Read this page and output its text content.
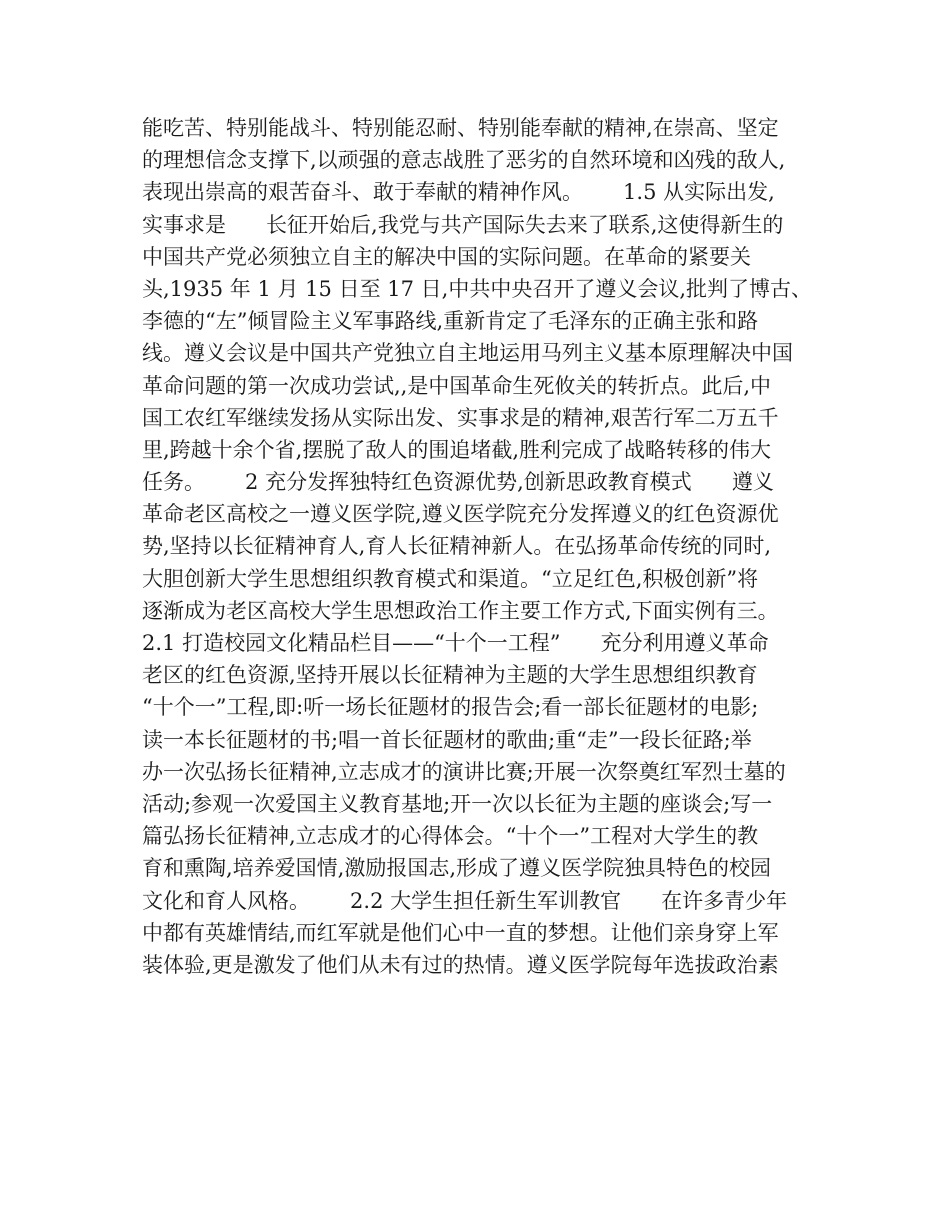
能吃苦、特别能战斗、特别能忍耐、特别能奉献的精神,在崇高、坚定
的理想信念支撑下,以顽强的意志战胜了恶劣的自然环境和凶残的敌人,
表现出崇高的艰苦奋斗、敢于奉献的精神作风。      1.5 从实际出发,
实事求是      长征开始后,我党与共产国际失去来了联系,这使得新生的
中国共产党必须独立自主的解决中国的实际问题。在革命的紧要关
头,1935 年 1 月 15 日至 17 日,中共中央召开了遵义会议,批判了博古、
李德的“左”倾冒险主义军事路线,重新肯定了毛泽东的正确主张和路
线。遵义会议是中国共产党独立自主地运用马列主义基本原理解决中国
革命问题的第一次成功尝试,,是中国革命生死攸关的转折点。此后,中
国工农红军继续发扬从实际出发、实事求是的精神,艰苦行军二万五千
里,跨越十余个省,摆脱了敌人的围追堵截,胜利完成了战略转移的伟大
任务。      2 充分发挥独特红色资源优势,创新思政教育模式      遵义
革命老区高校之一遵义医学院,遵义医学院充分发挥遵义的红色资源优
势,坚持以长征精神育人,育人长征精神新人。在弘扬革命传统的同时,
大胆创新大学生思想组织教育模式和渠道。“立足红色,积极创新”将
逐渐成为老区高校大学生思想政治工作主要工作方式,下面实例有三。
2.1 打造校园文化精品栏目——“十个一工程”      充分利用遵义革命
老区的红色资源,坚持开展以长征精神为主题的大学生思想组织教育
“十个一”工程,即:听一场长征题材的报告会;看一部长征题材的电影;
读一本长征题材的书;唱一首长征题材的歌曲;重“走”一段长征路;举
办一次弘扬长征精神,立志成才的演讲比赛;开展一次祭奠红军烈士墓的
活动;参观一次爱国主义教育基地;开一次以长征为主题的座谈会;写一
篇弘扬长征精神,立志成才的心得体会。“十个一”工程对大学生的教
育和熏陶,培养爱国情,激励报国志,形成了遵义医学院独具特色的校园
文化和育人风格。      2.2 大学生担任新生军训教官      在许多青少年
中都有英雄情结,而红军就是他们心中一直的梦想。让他们亲身穿上军
装体验,更是激发了他们从未有过的热情。遵义医学院每年选拔政治素
